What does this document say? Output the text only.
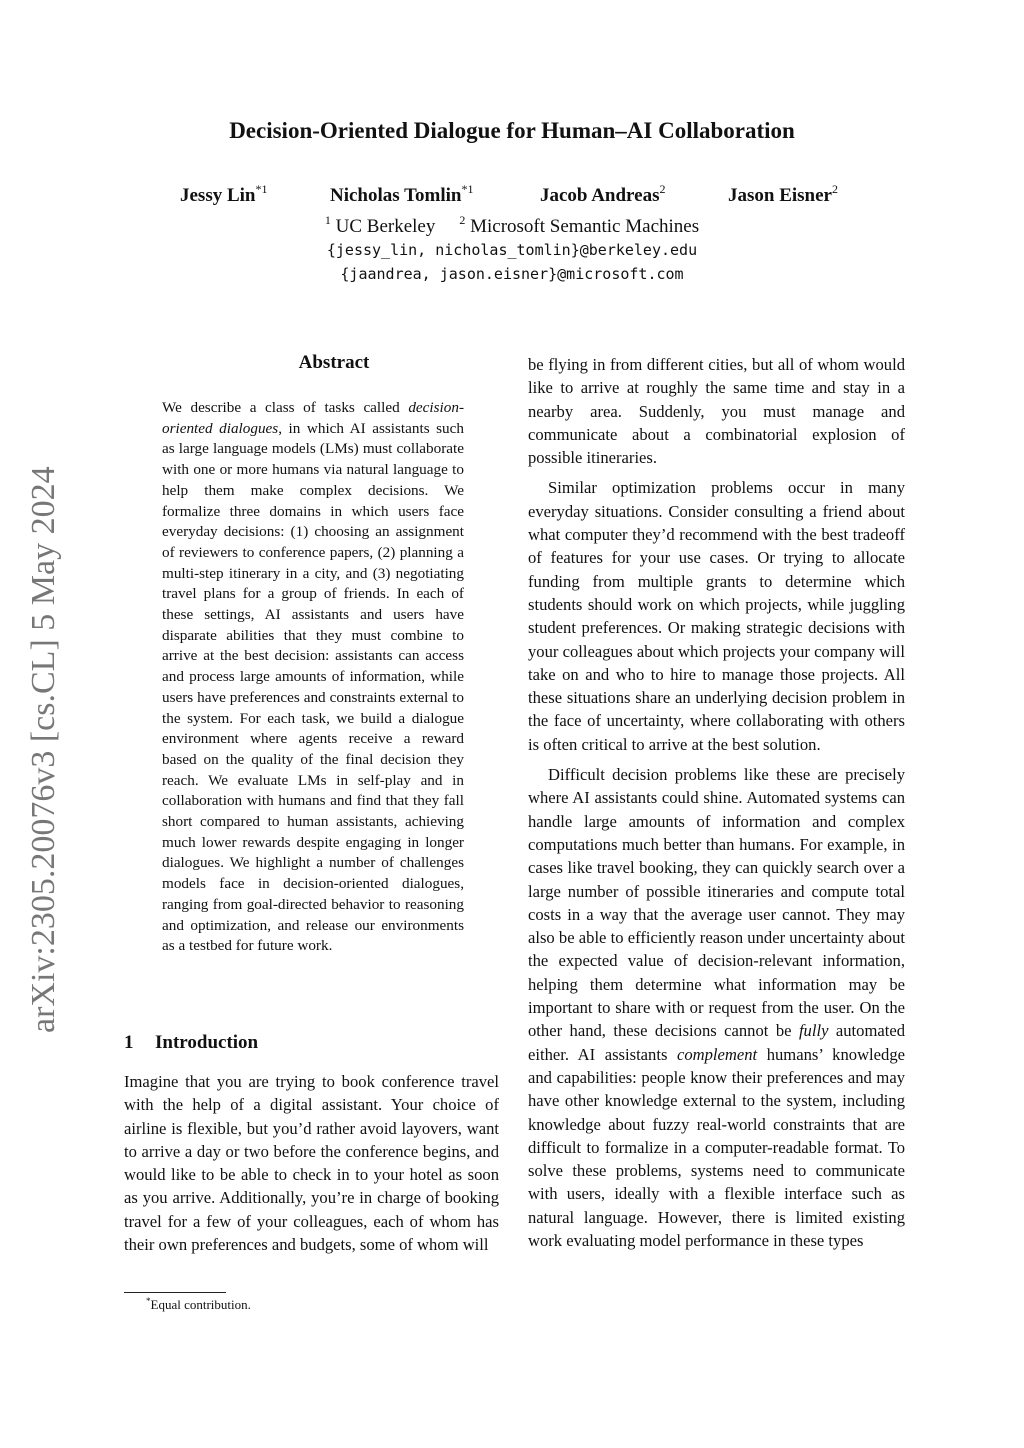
arXiv:2305.20076v3 [cs.CL] 5 May 2024
Decision-Oriented Dialogue for Human–AI Collaboration
Jessy Lin$^{*1}$	Nicholas Tomlin$^{*1}$	Jacob Andreas$^2$	Jason Eisner$^2$
$^1$ UC Berkeley $^2$ Microsoft Semantic Machines
{jessy_lin, nicholas_tomlin}@berkeley.edu
{jaandrea, jason.eisner}@microsoft.com
Abstract

We describe a class of tasks called decision-oriented dialogues, in which AI assistants such as large language models (LMs) must collaborate with one or more humans via natural language to help them make complex decisions. We formalize three domains in which users face everyday decisions: (1) choosing an assignment of reviewers to conference papers, (2) planning a multi-step itinerary in a city, and (3) negotiating travel plans for a group of friends. In each of these settings, AI assistants and users have disparate abilities that they must combine to arrive at the best decision: assistants can access and process large amounts of information, while users have preferences and constraints external to the system. For each task, we build a dialogue environment where agents receive a reward based on the quality of the final decision they reach. We evaluate LMs in self-play and in collaboration with humans and find that they fall short compared to human assistants, achieving much lower rewards despite engaging in longer dialogues. We highlight a number of challenges models face in decision-oriented dialogues, ranging from goal-directed behavior to reasoning and optimization, and release our environments as a testbed for future work.

1 Introduction

*Equal contribution.

Imagine that you are trying to book conference travel with the help of a digital assistant. Your choice of airline is flexible, but you’d rather avoid layovers, want to arrive a day or two before the conference begins, and would like to be able to check in to your hotel as soon as you arrive. Additionally, you’re in charge of booking travel for a few of your colleagues, each of whom has their own preferences and budgets, some of whom will

be flying in from different cities, but all of whom would like to arrive at roughly the same time and stay in a nearby area. Suddenly, you must manage and communicate about a combinatorial explosion of possible itineraries.

Similar optimization problems occur in many everyday situations. Consider consulting a friend about what computer they’d recommend with the best tradeoff of features for your use cases. Or trying to allocate funding from multiple grants to determine which students should work on which projects, while juggling student preferences. Or making strategic decisions with your colleagues about which projects your company will take on and who to hire to manage those projects. All these situations share an underlying decision problem in the face of uncertainty, where collaborating with others is often critical to arrive at the best solution.

Difficult decision problems like these are precisely where AI assistants could shine. Automated systems can handle large amounts of information and complex computations much better than humans. For example, in cases like travel booking, they can quickly search over a large number of possible itineraries and compute total costs in a way that the average user cannot. They may also be able to efficiently reason under uncertainty about the expected value of decision-relevant information, helping them determine what information may be important to share with or request from the user. On the other hand, these decisions cannot be fully automated either. AI assistants complement humans’ knowledge and capabilities: people know their preferences and may have other knowledge external to the system, including knowledge about fuzzy real-world constraints that are difficult to formalize in a computer-readable format. To solve these problems, systems need to communicate with users, ideally with a flexible interface such as natural language. However, there is limited existing work evaluating model performance in these types
